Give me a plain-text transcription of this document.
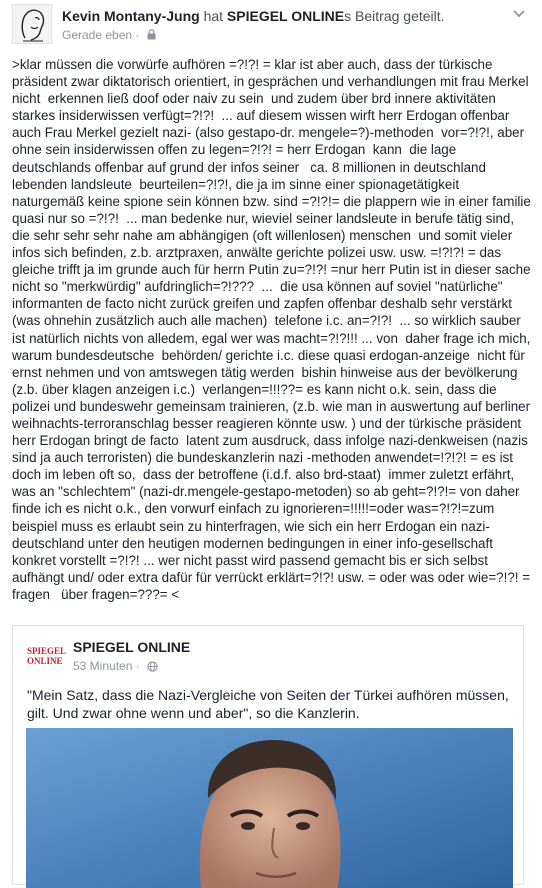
Kevin Montany-Jung hat SPIEGEL ONLINEs Beitrag geteilt.
Gerade eben ·

>klar müssen die vorwürfe aufhören =?!?! = klar ist aber auch, dass der türkische präsident zwar diktatorisch orientiert, in gesprächen und verhandlungen mit frau Merkel  nicht  erkennen ließ doof oder naiv zu sein  und zudem über brd innere aktivitäten starkes insiderwissen verfügt=?!?!  ... auf diesem wissen wirft herr Erdogan offenbar auch Frau Merkel gezielt nazi- (also gestapo-dr. mengele=?)-methoden  vor=?!?!, aber ohne sein insiderwissen offen zu legen=?!?! = herr Erdogan  kann  die lage deutschlands offenbar auf grund der infos seiner   ca. 8 millionen in deutschland lebenden landsleute  beurteilen=?!?!, die ja im sinne einer spionagetätigkeit naturgemäß keine spione sein können bzw. sind =?!?!= die plappern wie in einer familie quasi nur so =?!?!  ... man bedenke nur, wieviel seiner landsleute in berufe tätig sind, die sehr sehr sehr nahe am abhängigen (oft willenlosen) menschen  und somit vieler infos sich befinden, z.b. arztpraxen, anwälte gerichte polizei usw. usw. =!?!?! = das gleiche trifft ja im grunde auch für herrn Putin zu=?!?! =nur herr Putin ist in dieser sache nicht so "merkwürdig" aufdringlich=?!???  ...  die usa können auf soviel "natürliche"  informanten de facto nicht zurück greifen und zapfen offenbar deshalb sehr verstärkt (was ohnehin zusätzlich auch alle machen)  telefone i.c. an=?!?!  ... so wirklich sauber ist natürlich nichts von alledem, egal wer was macht=?!?!!! ... von  daher frage ich mich, warum bundesdeutsche  behörden/ gerichte i.c. diese quasi erdogan-anzeige  nicht für ernst nehmen und von amtswegen tätig werden  bishin hinweise aus der bevölkerung (z.b. über klagen anzeigen i.c.)  verlangen=!!!??= es kann nicht o.k. sein, dass die polizei und bundeswehr gemeinsam trainieren, (z.b. wie man in auswertung auf berliner weihnachts-terroranschlag besser reagieren könnte usw. ) und der türkische präsident herr Erdogan bringt de facto  latent zum ausdruck, dass infolge nazi-denkweisen (nazis sind ja auch terroristen) die bundeskanzlerin nazi -methoden anwendet=!?!?! = es ist doch im leben oft so,  dass der betroffene (i.d.f. also brd-staat)  immer zuletzt erfährt, was an "schlechtem" (nazi-dr.mengele-gestapo-metoden) so ab geht=?!?!= von daher finde ich es nicht o.k., den vorwurf einfach zu ignorieren=!!!!!=oder was=?!?!=zum beispiel muss es erlaubt sein zu hinterfragen, wie sich ein herr Erdogan ein nazi-deutschland unter den heutigen modernen bedingungen in einer info-gesellschaft konkret vorstellt =?!?! ... wer nicht passt wird passend gemacht bis er sich selbst aufhängt und/ oder extra dafür für verrückt erklärt=?!?! usw. = oder was oder wie=?!?! = fragen   über fragen=???= <

SPIEGEL
ONLINE
SPIEGEL ONLINE
53 Minuten ·
"Mein Satz, dass die Nazi-Vergleiche von Seiten der Türkei aufhören müssen, gilt. Und zwar ohne wenn und aber", so die Kanzlerin.
